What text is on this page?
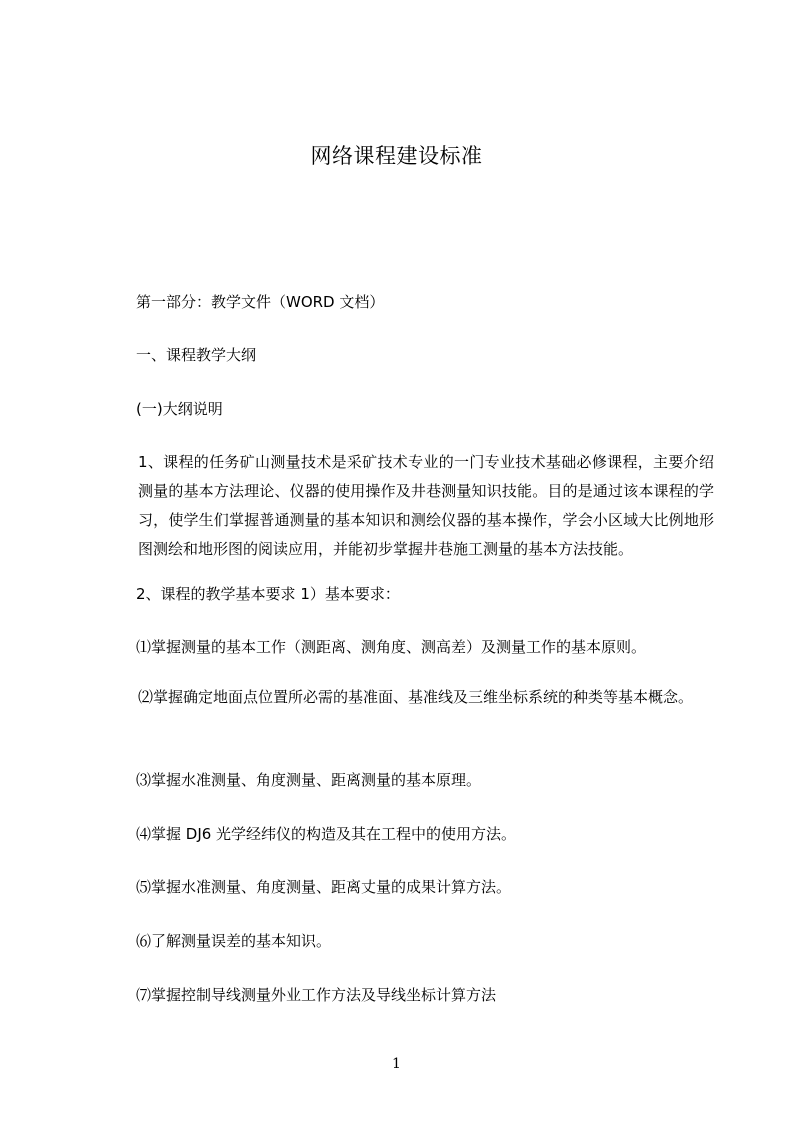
网络课程建设标准
第一部分：教学文件（WORD 文档）
一、课程教学大纲
(一)大纲说明
1、课程的任务矿山测量技术是采矿技术专业的一门专业技术基础必修课程，主要介绍测量的基本方法理论、仪器的使用操作及井巷测量知识技能。目的是通过该本课程的学习，使学生们掌握普通测量的基本知识和测绘仪器的基本操作，学会小区域大比例地形图测绘和地形图的阅读应用，并能初步掌握井巷施工测量的基本方法技能。
2、课程的教学基本要求 1）基本要求：
⑴掌握测量的基本工作（测距离、测角度、测高差）及测量工作的基本原则。
⑵掌握确定地面点位置所必需的基准面、基准线及三维坐标系统的种类等基本概念。
⑶掌握水准测量、角度测量、距离测量的基本原理。
⑷掌握 DJ6 光学经纬仪的构造及其在工程中的使用方法。
⑸掌握水准测量、角度测量、距离丈量的成果计算方法。
⑹了解测量误差的基本知识。
⑺掌握控制导线测量外业工作方法及导线坐标计算方法
1
